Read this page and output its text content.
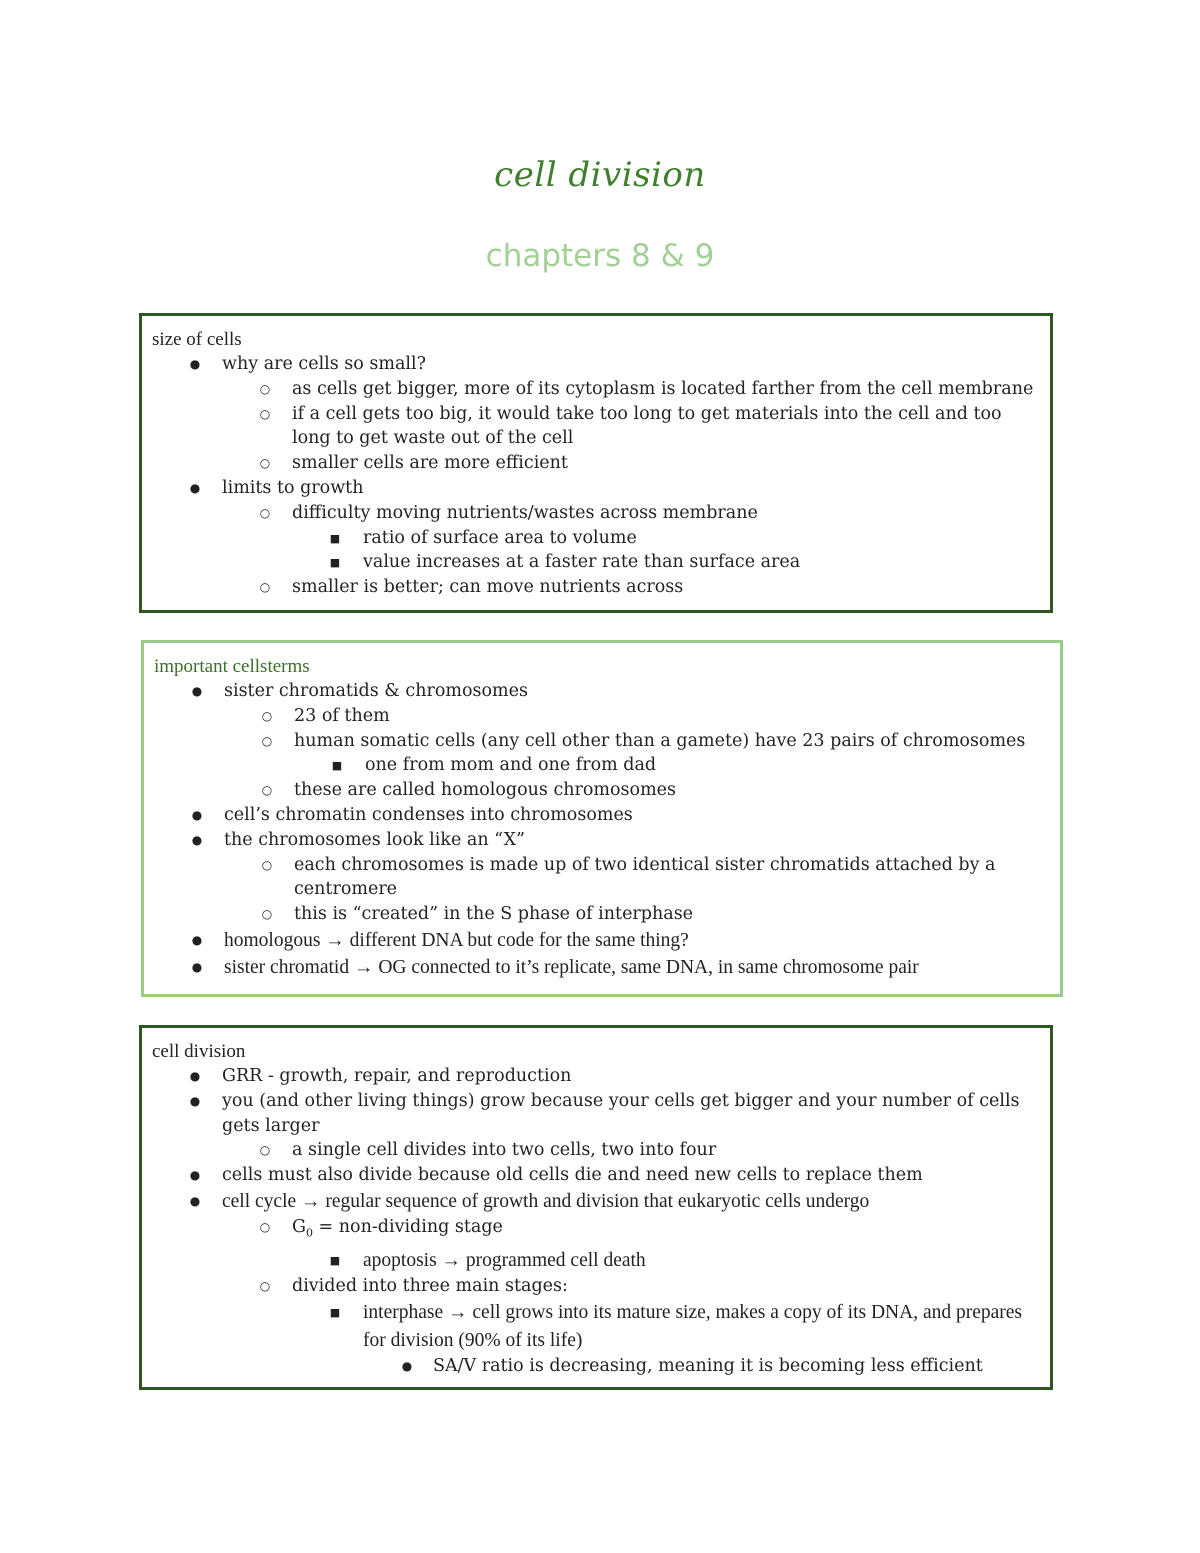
cell division
chapters 8 & 9

size of cells

●
why are cells so small?
○
as cells get bigger, more of its cytoplasm is located farther from the cell membrane
○
if a cell gets too big, it would take too long to get materials into the cell and too long to get waste out of the cell
○
smaller cells are more efficient
●
limits to growth
○
difficulty moving nutrients/wastes across membrane
■
ratio of surface area to volume
■
value increases at a faster rate than surface area
○
smaller is better; can move nutrients across

important cellsterms

●
sister chromatids & chromosomes
○
23 of them
○
human somatic cells (any cell other than a gamete) have 23 pairs of chromosomes
■
one from mom and one from dad
○
these are called homologous chromosomes
●
cell’s chromatin condenses into chromosomes
●
the chromosomes look like an “X”
○
each chromosomes is made up of two identical sister chromatids attached by a centromere
○
this is “created” in the S phase of interphase
●
homologous → different DNA but code for the same thing?
●
sister chromatid → OG connected to it’s replicate, same DNA, in same chromosome pair

cell division

●
GRR - growth, repair, and reproduction
●
you (and other living things) grow because your cells get bigger and your number of cells gets larger
○
a single cell divides into two cells, two into four
●
cells must also divide because old cells die and need new cells to replace them
●
cell cycle → regular sequence of growth and division that eukaryotic cells undergo
○
$G_0$ = non-dividing stage
■
apoptosis → programmed cell death
○
divided into three main stages:
■
interphase → cell grows into its mature size, makes a copy of its DNA, and prepares for division (90% of its life)
●
SA/V ratio is decreasing, meaning it is becoming less efficient
